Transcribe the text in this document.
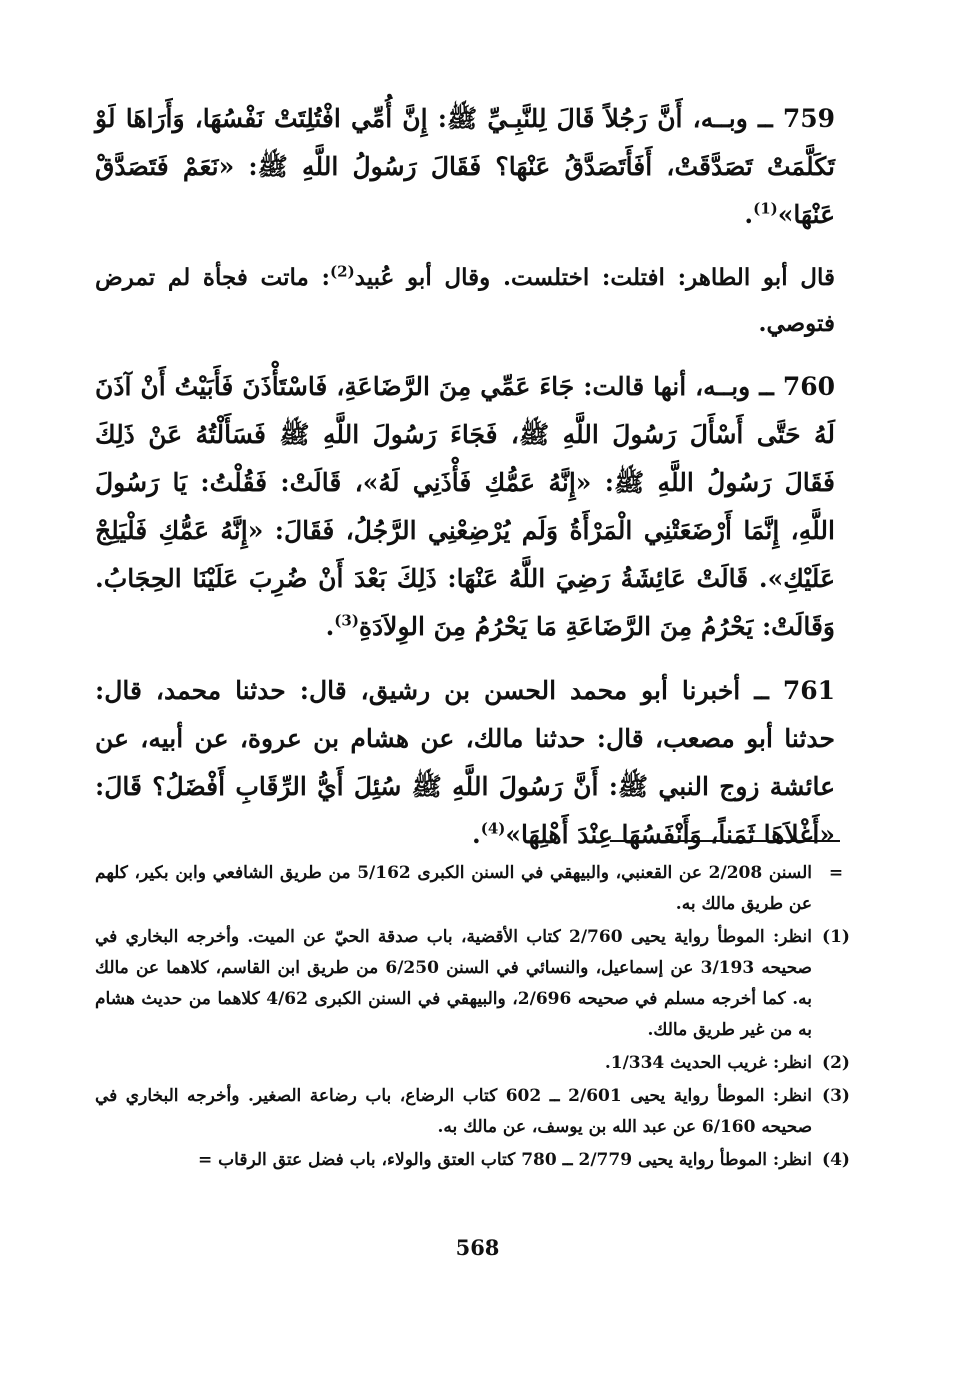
759 ــ وبــه، أَنَّ رَجُلاً قَالَ لِلنَّبِـيِّ ﷺ: إِنَّ أُمِّي افْتُلِتَتْ نَفْسُهَا، وَأَرَاهَا لَوْ تَكَلَّمَتْ تَصَدَّقَتْ، أَفَأَتَصَدَّقُ عَنْهَا؟ فَقَالَ رَسُولُ اللَّهِ ﷺ: «نَعَمْ فَتَصَدَّقْ عَنْهَا»$^{(1)}$.

قال أبو الطاهر: افتلت: اختلست. وقال أبو عُبيد$^{(2)}$: ماتت فجأة لم تمرض فتوصي.

760 ــ وبــه، أنها قالت: جَاءَ عَمِّي مِنَ الرَّضَاعَةِ، فَاسْتَأْذَنَ فَأَبَيْتُ أَنْ آذَنَ لَهُ حَتَّى أَسْأَلَ رَسُولَ اللَّهِ ﷺ، فَجَاءَ رَسُولَ اللَّهِ ﷺ فَسَأَلْتُهُ عَنْ ذَلِكَ فَقَالَ رَسُولُ اللَّهِ ﷺ: «إِنَّهُ عَمُّكِ فَأْذَنِي لَهُ»، قَالَتْ: فَقُلْتُ: يَا رَسُولَ اللَّهِ، إِنَّمَا أَرْضَعَتْنِي الْمَرْأَةُ وَلَم يُرْضِعْنِي الرَّجُلُ، فَقَالَ: «إِنَّهُ عَمُّكِ فَلْيَلِجْ عَلَيْكِ». قَالَتْ عَائِشَةُ رَضِيَ اللَّهُ عَنْهَا: ذَلِكَ بَعْدَ أَنْ ضُرِبَ عَلَيْنَا الحِجَابُ. وَقَالَتْ: يَحْرُمُ مِنَ الرَّضَاعَةِ مَا يَحْرُمُ مِنَ الوِلاَدَةِ$^{(3)}$.

761 ــ أخبرنا أبو محمد الحسن بن رشيق، قال: حدثنا محمد، قال: حدثنا أبو مصعب، قال: حدثنا مالك، عن هشام بن عروة، عن أبيه، عن عائشة زوج النبي ﷺ: أَنَّ رَسُولَ اللَّهِ ﷺ سُئِلَ أَيُّ الرِّقَابِ أَفْضَلُ؟ قَالَ: «أَغْلاَهَا ثَمَناً، وَأَنْفَسُهَا عِنْدَ أَهْلِهَا»$^{(4)}$.

=
السنن 2/208 عن القعنبي، والبيهقي في السنن الكبرى 5/162 من طريق الشافعي وابن بكير، كلهم عن طريق مالك به.
(1)
انظر: الموطأ رواية يحيى 2/760 كتاب الأقضية، باب صدقة الحيّ عن الميت. وأخرجه البخاري في صحيحه 3/193 عن إسماعيل، والنسائي في السنن 6/250 من طريق ابن القاسم، كلاهما عن مالك به. كما أخرجه مسلم في صحيحه 2/696، والبيهقي في السنن الكبرى 4/62 كلاهما من حديث هشام به من غير طريق مالك.
(2)
انظر: غريب الحديث 1/334.
(3)
انظر: الموطأ رواية يحيى 2/601 ــ 602 كتاب الرضاع، باب رضاعة الصغير. وأخرجه البخاري في صحيحه 6/160 عن عبد الله بن يوسف، عن مالك به.
(4)
انظر: الموطأ رواية يحيى 2/779 ــ 780 كتاب العتق والولاء، باب فضل عتق الرقاب =
568
